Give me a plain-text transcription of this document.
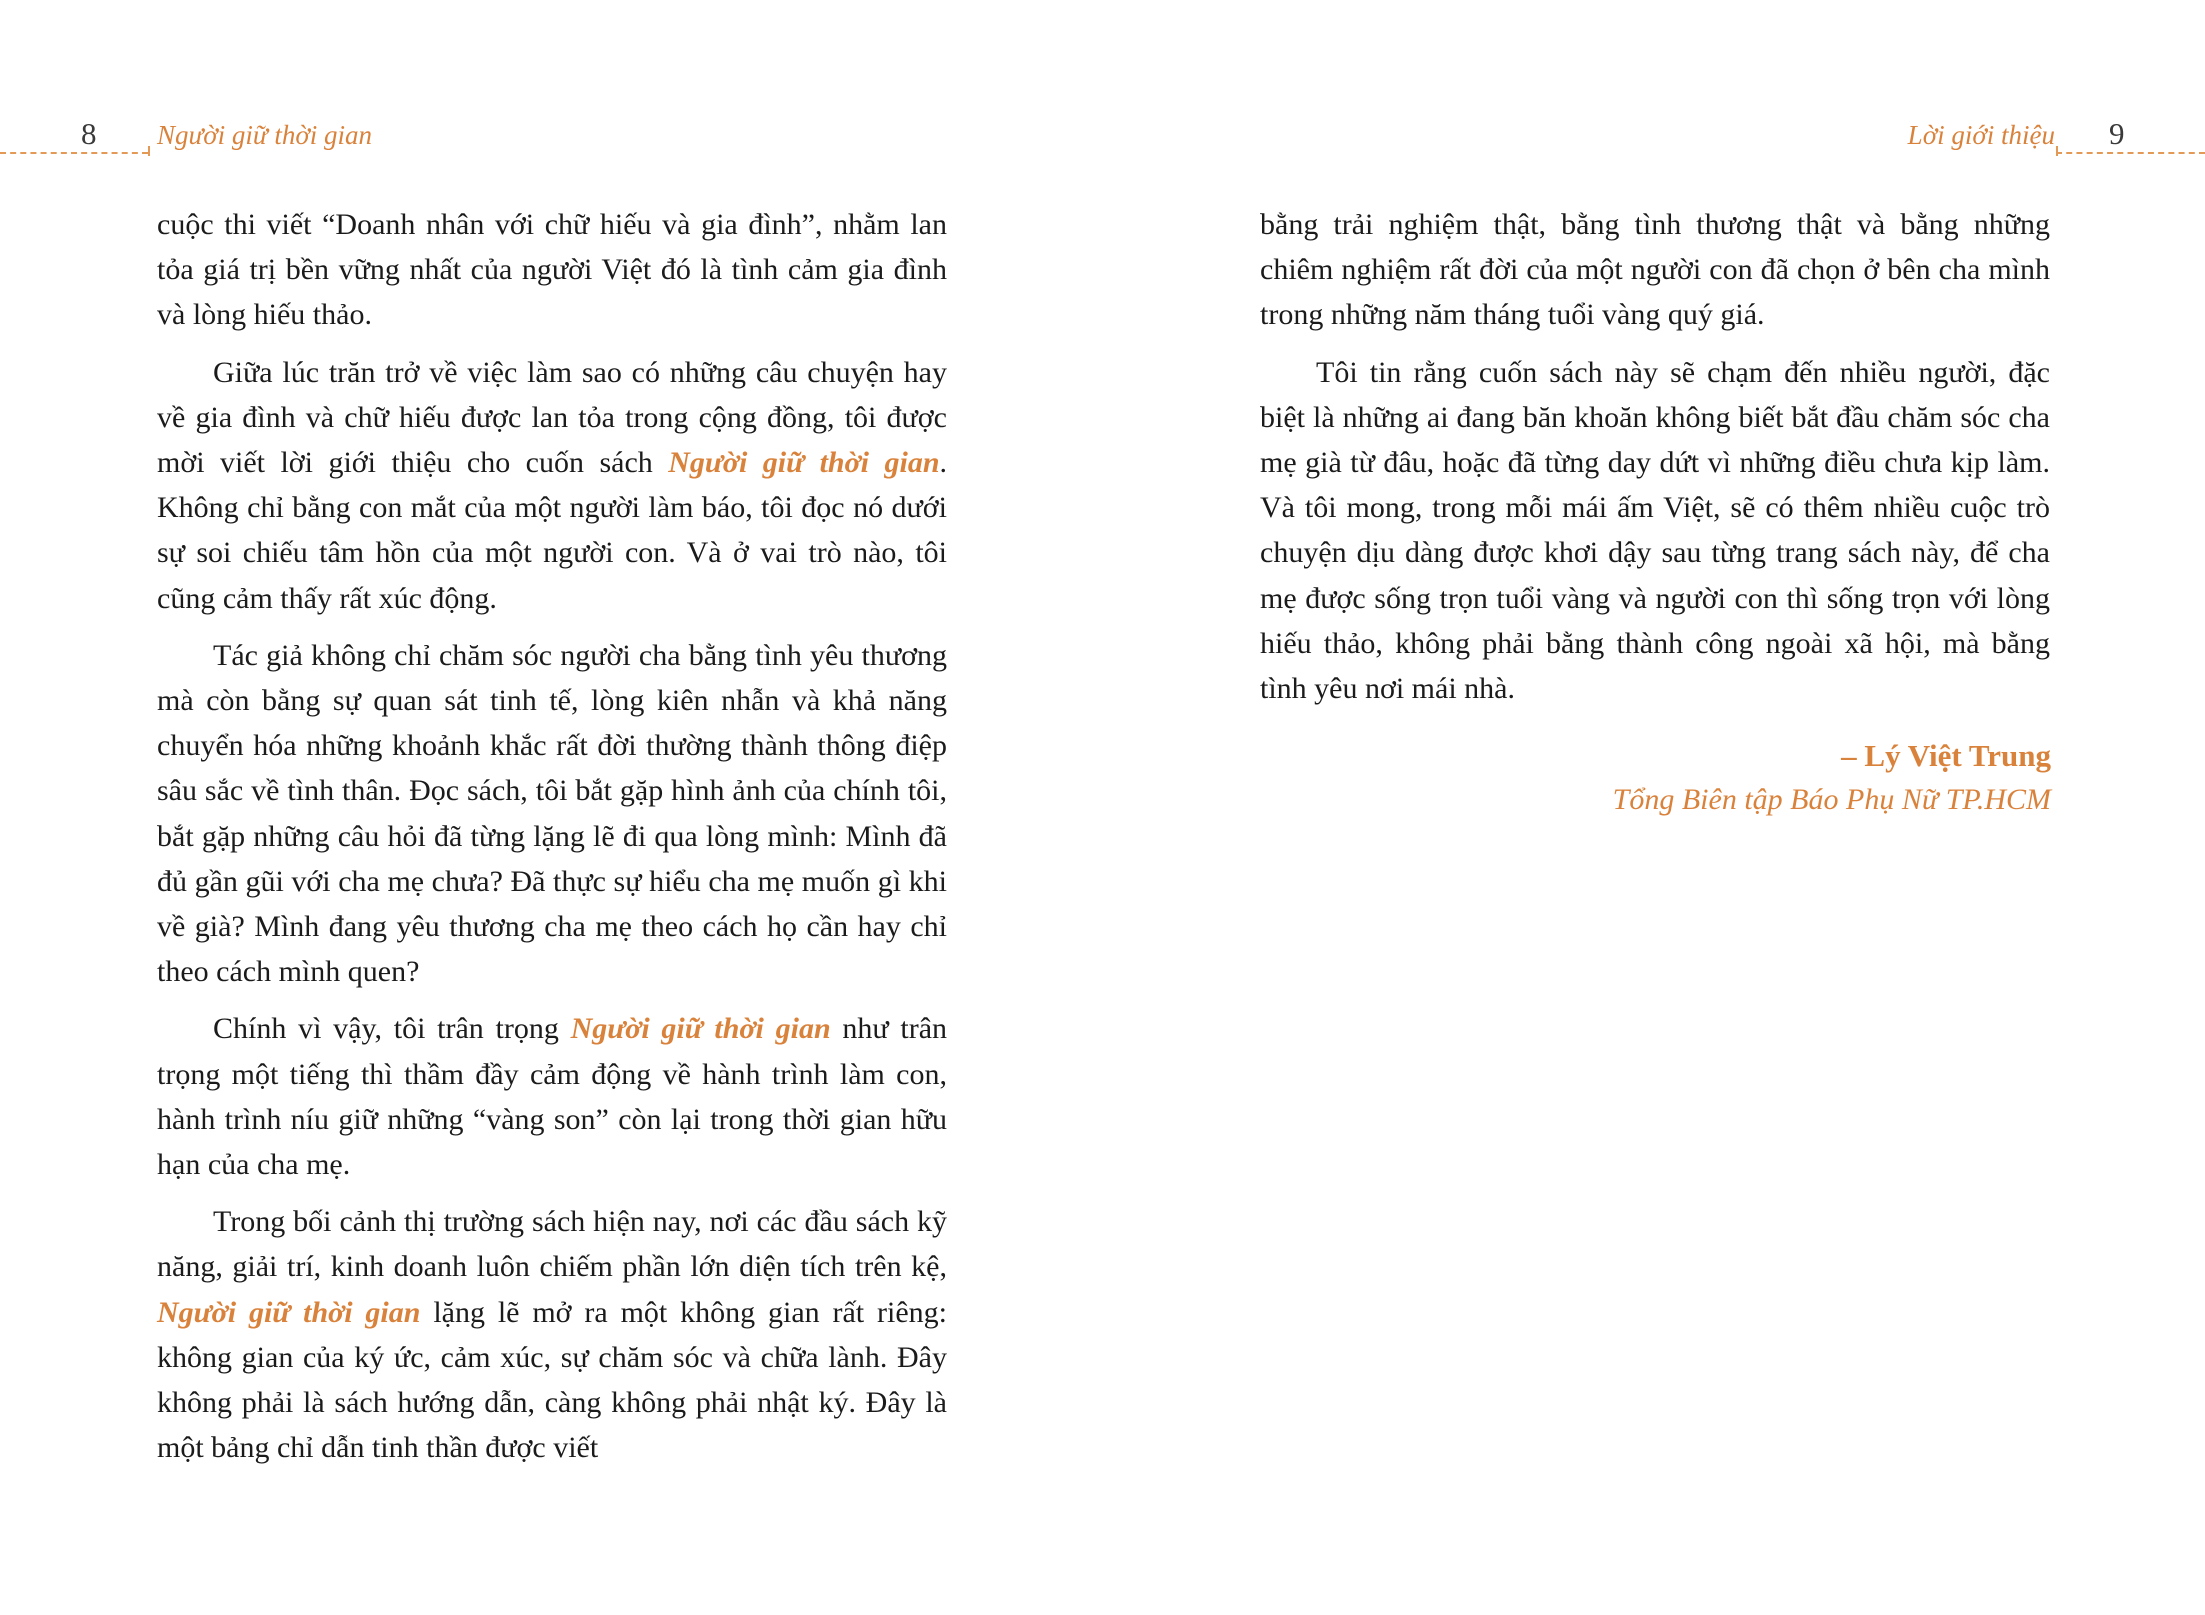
8 Người giữ thời gian

cuộc thi viết “Doanh nhân với chữ hiếu và gia đình”, nhằm lan tỏa giá trị bền vững nhất của người Việt đó là tình cảm gia đình và lòng hiếu thảo.

Giữa lúc trăn trở về việc làm sao có những câu chuyện hay về gia đình và chữ hiếu được lan tỏa trong cộng đồng, tôi được mời viết lời giới thiệu cho cuốn sách Người giữ thời gian. Không chỉ bằng con mắt của một người làm báo, tôi đọc nó dưới sự soi chiếu tâm hồn của một người con. Và ở vai trò nào, tôi cũng cảm thấy rất xúc động.

Tác giả không chỉ chăm sóc người cha bằng tình yêu thương mà còn bằng sự quan sát tinh tế, lòng kiên nhẫn và khả năng chuyển hóa những khoảnh khắc rất đời thường thành thông điệp sâu sắc về tình thân. Đọc sách, tôi bắt gặp hình ảnh của chính tôi, bắt gặp những câu hỏi đã từng lặng lẽ đi qua lòng mình: Mình đã đủ gần gũi với cha mẹ chưa? Đã thực sự hiểu cha mẹ muốn gì khi về già? Mình đang yêu thương cha mẹ theo cách họ cần hay chỉ theo cách mình quen?

Chính vì vậy, tôi trân trọng Người giữ thời gian như trân trọng một tiếng thì thầm đầy cảm động về hành trình làm con, hành trình níu giữ những “vàng son” còn lại trong thời gian hữu hạn của cha mẹ.

Trong bối cảnh thị trường sách hiện nay, nơi các đầu sách kỹ năng, giải trí, kinh doanh luôn chiếm phần lớn diện tích trên kệ, Người giữ thời gian lặng lẽ mở ra một không gian rất riêng: không gian của ký ức, cảm xúc, sự chăm sóc và chữa lành. Đây không phải là sách hướng dẫn, càng không phải nhật ký. Đây là một bảng chỉ dẫn tinh thần được viết

Lời giới thiệu 9

bằng trải nghiệm thật, bằng tình thương thật và bằng những chiêm nghiệm rất đời của một người con đã chọn ở bên cha mình trong những năm tháng tuổi vàng quý giá.

Tôi tin rằng cuốn sách này sẽ chạm đến nhiều người, đặc biệt là những ai đang băn khoăn không biết bắt đầu chăm sóc cha mẹ già từ đâu, hoặc đã từng day dứt vì những điều chưa kịp làm. Và tôi mong, trong mỗi mái ấm Việt, sẽ có thêm nhiều cuộc trò chuyện dịu dàng được khơi dậy sau từng trang sách này, để cha mẹ được sống trọn tuổi vàng và người con thì sống trọn với lòng hiếu thảo, không phải bằng thành công ngoài xã hội, mà bằng tình yêu nơi mái nhà.

– Lý Việt Trung
Tổng Biên tập Báo Phụ Nữ TP.HCM
